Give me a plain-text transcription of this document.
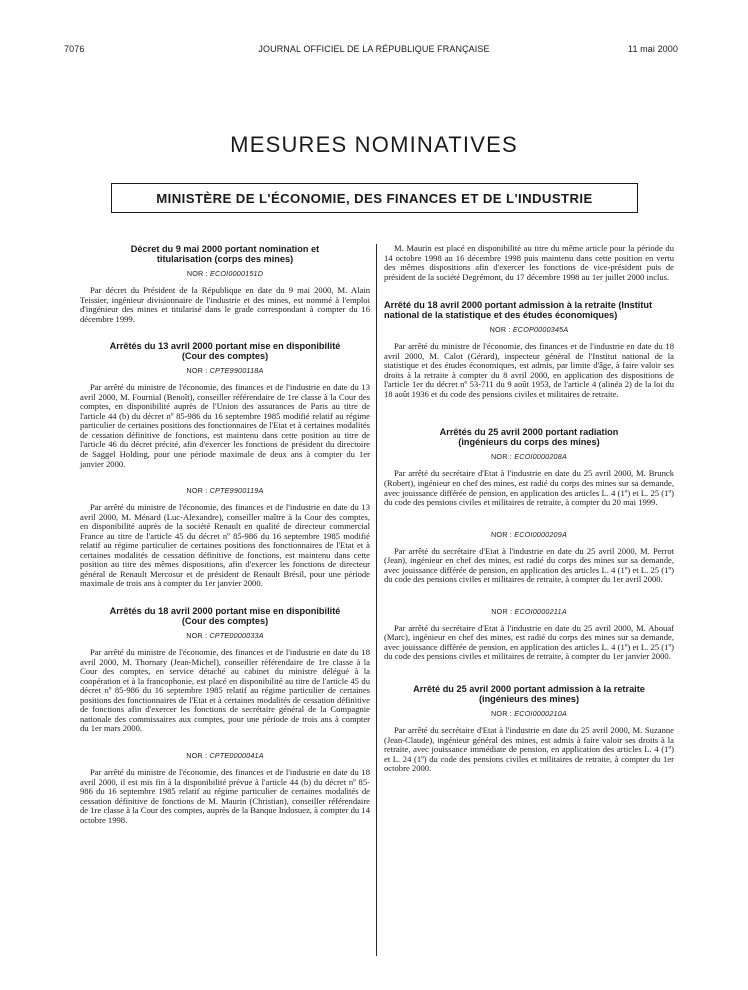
JOURNAL OFFICIEL DE LA RÉPUBLIQUE FRANÇAISE
7076	11 mai 2000
MESURES NOMINATIVES
MINISTÈRE DE L'ÉCONOMIE, DES FINANCES ET DE L'INDUSTRIE

Décret du 9 mai 2000 portant nomination et titularisation (corps des mines)

NOR : ECOI0000151D

Par décret du Président de la République en date du 9 mai 2000, M. Alain Teissier, ingénieur divisionnaire de l'industrie et des mines, est nommé à l'emploi d'ingénieur des mines et titularisé dans le grade correspondant à compter du 16 décembre 1999.

Arrêtés du 13 avril 2000 portant mise en disponibilité (Cour des comptes)

NOR : CPTE9900118A

Par arrêté du ministre de l'économie, des finances et de l'industrie en date du 13 avril 2000, M. Fournial (Benoît), conseiller référendaire de 1re classe à la Cour des comptes, en disponibilité auprès de l'Union des assurances de Paris au titre de l'article 44 (b) du décret nº 85-986 du 16 septembre 1985 modifié relatif au régime particulier de certaines positions des fonctionnaires de l'Etat et à certaines modalités de cessation définitive de fonctions, est maintenu dans cette position au titre de l'article 46 du décret précité, afin d'exercer les fonctions de président du directoire de Saggel Holding, pour une période maximale de deux ans à compter du 1er janvier 2000.

NOR : CPTE9900119A

Par arrêté du ministre de l'économie, des finances et de l'industrie en date du 13 avril 2000, M. Ménard (Luc-Alexandre), conseiller maître à la Cour des comptes, en disponibilité auprès de la société Renault en qualité de directeur commercial France au titre de l'article 45 du décret nº 85-986 du 16 septembre 1985 modifié relatif au régime particulier de certaines positions des fonctionnaires de l'Etat et à certaines modalités de cessation définitive de fonctions, est maintenu dans cette position au titre des mêmes dispositions, afin d'exercer les fonctions de directeur général de Renault Mercosur et de président de Renault Brésil, pour une période maximale de trois ans à compter du 1er janvier 2000.

Arrêtés du 18 avril 2000 portant mise en disponibilité (Cour des comptes)

NOR : CPTE0000033A

Par arrêté du ministre de l'économie, des finances et de l'industrie en date du 18 avril 2000, M. Thornary (Jean-Michel), conseiller référendaire de 1re classe à la Cour des comptes, en service détaché au cabinet du ministre délégué à la coopération et à la francophonie, est placé en disponibilité au titre de l'article 45 du décret nº 85-986 du 16 septembre 1985 relatif au régime particulier de certaines positions des fonctionnaires de l'Etat et à certaines modalités de cessation définitive de fonctions afin d'exercer les fonctions de secrétaire général de la Compagnie nationale des commissaires aux comptes, pour une période de trois ans à compter du 1er mars 2000.

NOR : CPTE0000041A

Par arrêté du ministre de l'économie, des finances et de l'industrie en date du 18 avril 2000, il est mis fin à la disponibilité prévue à l'article 44 (b) du décret nº 85-986 du 16 septembre 1985 relatif au régime particulier de certaines modalités de cessation définitive de fonctions de M. Maurin (Christian), conseiller référendaire de 1re classe à la Cour des comptes, auprès de la Banque Indosuez, à compter du 14 octobre 1998.

M. Maurin est placé en disponibilité au titre du même article pour la période du 14 octobre 1998 au 16 décembre 1998 puis maintenu dans cette position en vertu des mêmes dispositions afin d'exercer les fonctions de vice-président puis de président de la société Degrémont, du 17 décembre 1998 au 1er juillet 2000 inclus.

Arrêté du 18 avril 2000 portant admission à la retraite (Institut national de la statistique et des études économiques)

NOR : ECOP0000345A

Par arrêté du ministre de l'économie, des finances et de l'industrie en date du 18 avril 2000, M. Calot (Gérard), inspecteur général de l'Institut national de la statistique et des études économiques, est admis, par limite d'âge, à faire valoir ses droits à la retraite à compter du 8 avril 2000, en application des dispositions de l'article 1er du décret nº 53-711 du 9 août 1953, de l'article 4 (alinéa 2) de la loi du 18 août 1936 et du code des pensions civiles et militaires de retraite.

Arrêtés du 25 avril 2000 portant radiation (ingénieurs du corps des mines)

NOR : ECOI0000208A

Par arrêté du secrétaire d'Etat à l'industrie en date du 25 avril 2000, M. Brunck (Robert), ingénieur en chef des mines, est radié du corps des mines sur sa demande, avec jouissance différée de pension, en application des articles L. 4 (1º) et L. 25 (1º) du code des pensions civiles et militaires de retraite, à compter du 20 mai 1999.

NOR : ECOI0000209A

Par arrêté du secrétaire d'Etat à l'industrie en date du 25 avril 2000, M. Perrot (Jean), ingénieur en chef des mines, est radié du corps des mines sur sa demande, avec jouissance différée de pension, en application des articles L. 4 (1º) et L. 25 (1º) du code des pensions civiles et militaires de retraite, à compter du 1er avril 2000.

NOR : ECOI0000211A

Par arrêté du secrétaire d'Etat à l'industrie en date du 25 avril 2000, M. Abouaf (Marc), ingénieur en chef des mines, est radié du corps des mines sur sa demande, avec jouissance différée de pension, en application des articles L. 4 (1º) et L. 25 (1º) du code des pensions civiles et militaires de retraite, à compter du 1er janvier 2000.

Arrêté du 25 avril 2000 portant admission à la retraite (ingénieurs des mines)

NOR : ECOI0000210A

Par arrêté du secrétaire d'Etat à l'industrie en date du 25 avril 2000, M. Suzanne (Jean-Claude), ingénieur général des mines, est admis à faire valoir ses droits à la retraite, avec jouissance immédiate de pension, en application des articles L. 4 (1º) et L. 24 (1º) du code des pensions civiles et militaires de retraite, à compter du 1er octobre 2000.
